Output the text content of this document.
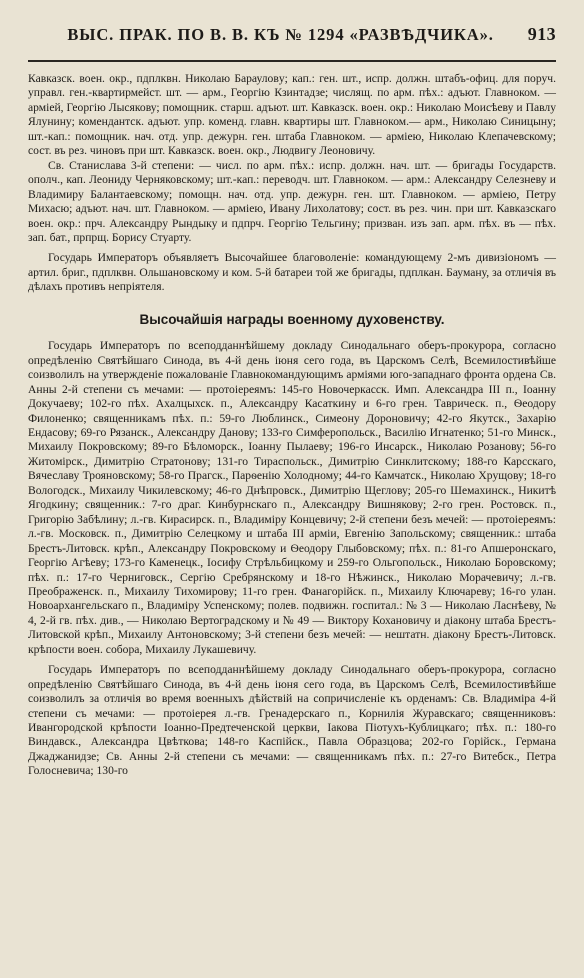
ВЫС. ПРАК. ПО В. В. КЪ № 1294 «РАЗВѢДЧИКА». 913

Кавказск. воен. окр., пдплквн. Николаю Барауловy; кап.: ген. шт., испр. должн. штабъ-офиц. для поруч. управл. ген.-квартирмейст. шт. — арм., Георгію Кзинтадзе; числящ. по арм. пѣх.: адъют. Главноком. — арміей, Георгію Лысякову; помощник. старш. адъют. шт. Кавказск. воен. окр.: Николаю Моисѣеву и Павлу Ялунину; комендантск. адъют. упр. коменд. главн. квартиры шт. Главноком.— арм., Николаю Синицыну; шт.-кап.: помощник. нач. отд. упр. дежурн. ген. штаба Главноком. — арміею, Николаю Клепачевскому; сост. въ рез. чиновъ при шт. Кавказск. воен. окр., Людвигу Леоновичу.

Св. Станислава 3-й степени: — числ. по арм. пѣх.: испр. должн. нач. шт. — бригады Государств. ополч., кап. Леониду Черняковскому; шт.-кап.: переводч. шт. Главноком. — арм.: Александру Селезневу и Владимиру Балантаевскому; помощн. нач. отд. упр. дежурн. ген. шт. Главноком. — арміею, Петру Михасю; адъют. нач. шт. Главноком. — арміею, Ивану Лихолатову; сост. въ рез. чин. при шт. Кавказскаго воен. окр.: прч. Александру Рындыку и пдпрч. Георгію Тельгину; призван. изъ зап. арм. пѣх. въ — пѣх. зап. бат., прпрщ. Борису Стуарту.

Государь Императоръ объявляетъ Высочайшее благоволеніе: командующему 2-мъ дивизіономъ — артил. бриг., пдплквн. Ольшановскому и ком. 5-й батареи той же бригады, пдплкан. Бауману, за отличія въ дѣлахъ противъ непріятеля.

Высочайшія награды военному духовенству.

Государь Императоръ по всеподданнѣйшему докладу Синодальнаго оберъ-прокурора, согласно опредѣленію Святѣйшаго Синода, въ 4-й день іюня сего года, въ Царскомъ Селѣ, Всемилостивѣйше соизволилъ на утвержденіе пожалованіе Главнокомандующимъ арміями юго-западнаго фронта ордена Св. Анны 2-й степени съ мечами: — протоіереямъ: 145-го Новочеркасск. Имп. Александра III п., Іоанну Докучаеву; 102-го пѣх. Ахалцыхск. п., Александру Касаткину и 6-го грен. Таврическ. п., Ѳеодору Филоненко; священникамъ пѣх. п.: 59-го Люблинск., Симеону Дороновичу; 42-го Якутск., Захарію Ендасову; 69-го Рязанск., Александру Данову; 133-го Симферопольск., Василію Игнатенко; 51-го Минск., Михаилу Покровскому; 89-го Бѣломорск., Іоанну Пылаеву; 196-го Инсарск., Николаю Розанову; 56-го Житомірск., Димитрію Стратонову; 131-го Тираспольск., Димитрію Синклитскому; 188-го Карсскаго, Вячеславу Трояновскому; 58-го Прагск., Парѳенію Холодному; 44-го Камчатск., Николаю Хрущову; 18-го Вологодск., Михаилу Чикилевскому; 46-го Днѣпровск., Димитрію Щеглову; 205-го Шемахинск., Никитѣ Ягодкину; священник.: 7-го драг. Кинбурнскаго п., Александру Вишнякову; 2-го грен. Ростовск. п., Григорію Забѣлину; л.-гв. Кирасирск. п., Владиміру Концевичу; 2-й степени безъ мечей: — протоіереямъ: л.-гв. Московск. п., Димитрію Селецкому и штаба III арміи, Евгенію Запольскому; священник.: штаба Брестъ-Литовск. крѣп., Александру Покровскому и Ѳеодору Глыбовскому; пѣх. п.: 81-го Апшеронскаго, Георгію Агѣеву; 173-го Каменецк., Іосифу Стрѣльбицкому и 259-го Ольгопольск., Николаю Боровскому; пѣх. п.: 17-го Черниговск., Сергію Сребрянскому и 18-го Нѣжинск., Николаю Морачевичу; л.-гв. Преображенск. п., Михаилу Тихомирову; 11-го грен. Фанагорійск. п., Михаилу Ключареву; 16-го улан. Новоархангельскаго п., Владиміру Успенскому; полев. подвижн. госпитал.: № 3 — Николаю Ласнѣеву, № 4, 2-й гв. пѣх. див., — Николаю Вертоградскому и № 49 — Виктору Кохановичу и діакону штаба Брестъ-Литовской крѣп., Михаилу Антоновскому; 3-й степени безъ мечей: — нештатн. діакону Брестъ-Литовск. крѣпости воен. собора, Михаилу Лукашевичу.

Государь Императоръ по всеподданнѣйшему докладу Синодальнаго оберъ-прокурора, согласно опредѣленію Святѣйшаго Синода, въ 4-й день іюня сего года, въ Царскомъ Селѣ, Всемилостивѣйше соизволилъ за отличія во время военныхъ дѣйствій на сопричисленіе къ орденамъ: Св. Владиміра 4-й степени съ мечами: — протоіерея л.-гв. Гренадерскаго п., Корнилія Журавскаго; священниковъ: Ивангородской крѣпости Іоанно-Предтеченской церкви, Іакова Піотухъ-Кублицкаго; пѣх. п.: 180-го Виндавск., Александра Цвѣткова; 148-го Каспійск., Павла Образцова; 202-го Горійск., Германа Джаджанидзе; Св. Анны 2-й степени съ мечами: — священникамъ пѣх. п.: 27-го Витебск., Петра Голосневича; 130-го
